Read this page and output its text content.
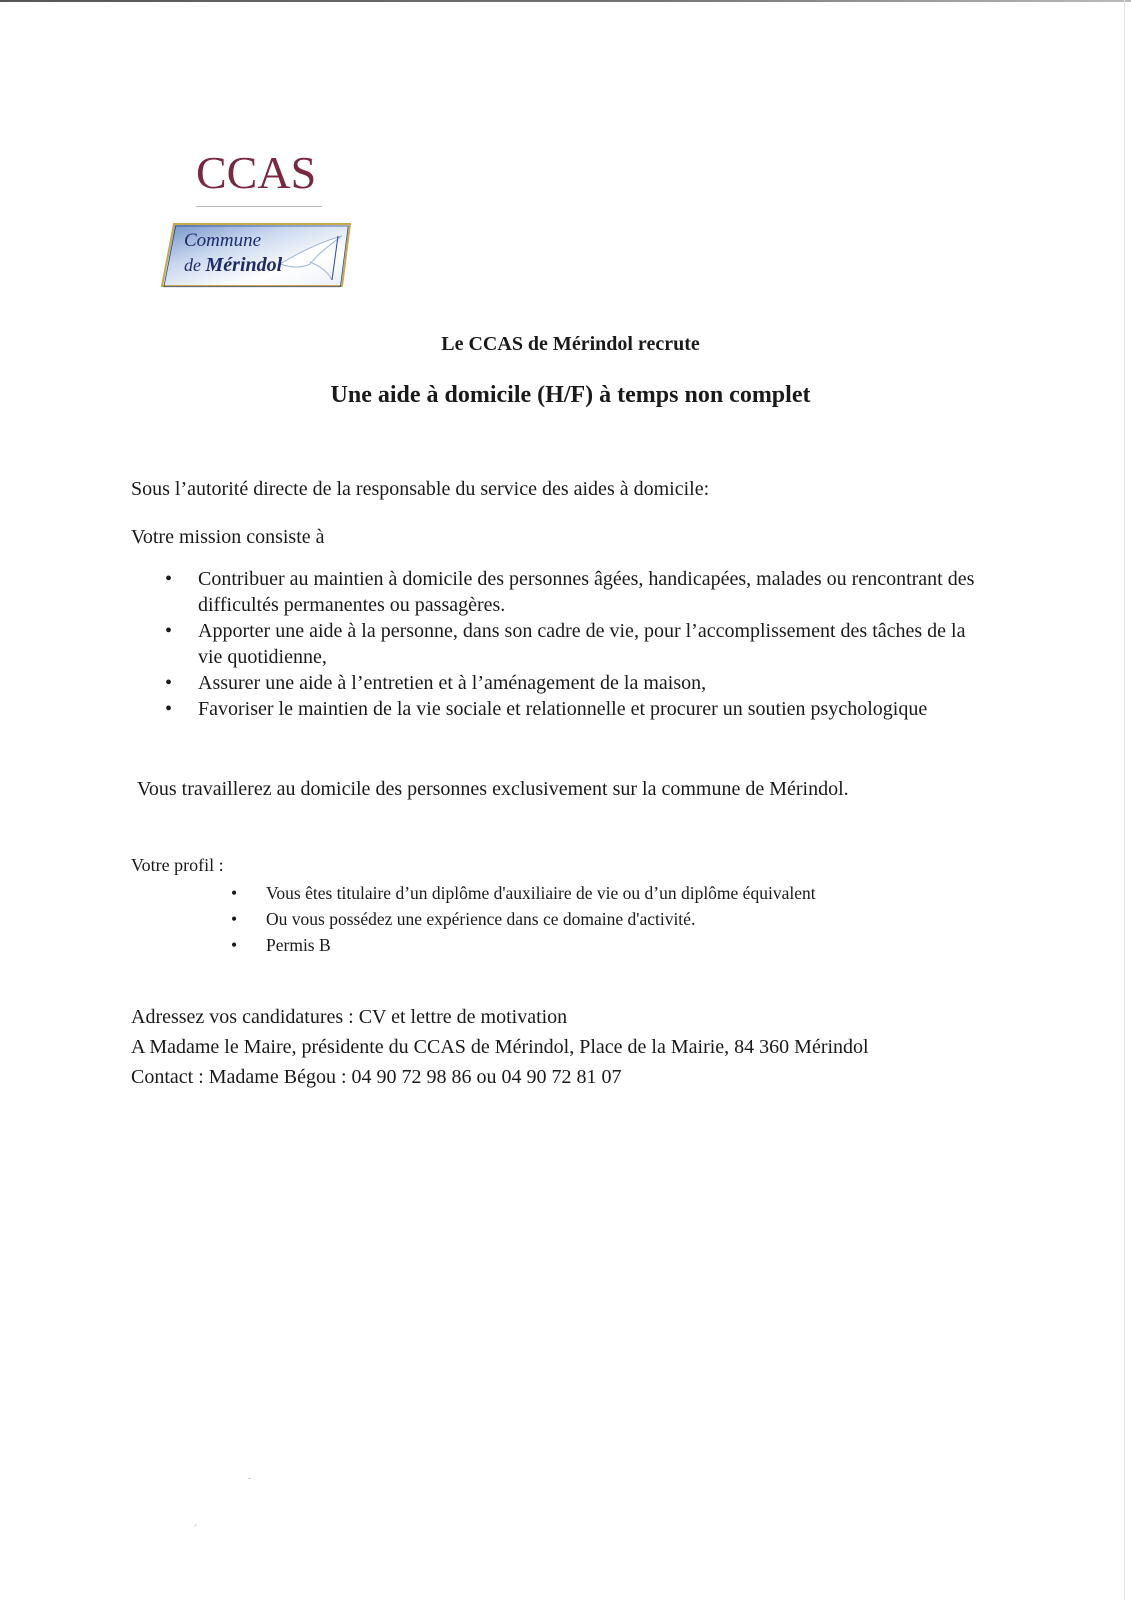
CCAS
Commune
de Mérindol
Le CCAS de Mérindol recrute
Une aide à domicile (H/F) à temps non complet
Sous l’autorité directe de la responsable du service des aides à domicile:
Votre mission consiste à
• Contribuer au maintien à domicile des personnes âgées, handicapées, malades ou rencontrant des difficultés permanentes ou passagères.
• Apporter une aide à la personne, dans son cadre de vie, pour l’accomplissement des tâches de la vie quotidienne,
• Assurer une aide à l’entretien et à l’aménagement de la maison,
• Favoriser le maintien de la vie sociale et relationnelle et procurer un soutien psychologique
Vous travaillerez au domicile des personnes exclusivement sur la commune de Mérindol.
Votre profil :
• Vous êtes titulaire d’un diplôme d'auxiliaire de vie ou d’un diplôme équivalent
• Ou vous possédez une expérience dans ce domaine d'activité.
• Permis B
Adressez vos candidatures : CV et lettre de motivation
A Madame le Maire, présidente du CCAS de Mérindol, Place de la Mairie, 84 360 Mérindol
Contact : Madame Bégou : 04 90 72 98 86 ou 04 90 72 81 07
